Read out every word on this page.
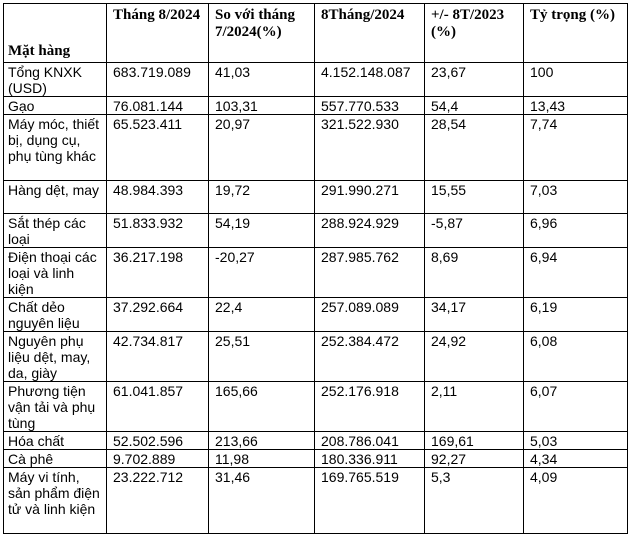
Mặt hàng	Tháng 8/2024	So với tháng 7/2024(%)	8Tháng/2024	+/- 8T/2023 (%)	Tỷ trọng (%)
Tổng KNXK (USD)	683.719.089	41,03	4.152.148.087	23,67	100
Gạo	76.081.144	103,31	557.770.533	54,4	13,43
Máy móc, thiết bị, dụng cụ, phụ tùng khác	65.523.411	20,97	321.522.930	28,54	7,74
Hàng dệt, may	48.984.393	19,72	291.990.271	15,55	7,03
Sắt thép các loại	51.833.932	54,19	288.924.929	-5,87	6,96
Điện thoại các loại và linh kiện	36.217.198	-20,27	287.985.762	8,69	6,94
Chất dẻo nguyên liệu	37.292.664	22,4	257.089.089	34,17	6,19
Nguyên phụ liệu dệt, may, da, giày	42.734.817	25,51	252.384.472	24,92	6,08
Phương tiện vận tải và phụ tùng	61.041.857	165,66	252.176.918	2,11	6,07
Hóa chất	52.502.596	213,66	208.786.041	169,61	5,03
Cà phê	9.702.889	11,98	180.336.911	92,27	4,34
Máy vi tính, sản phẩm điện tử và linh kiện	23.222.712	31,46	169.765.519	5,3	4,09
